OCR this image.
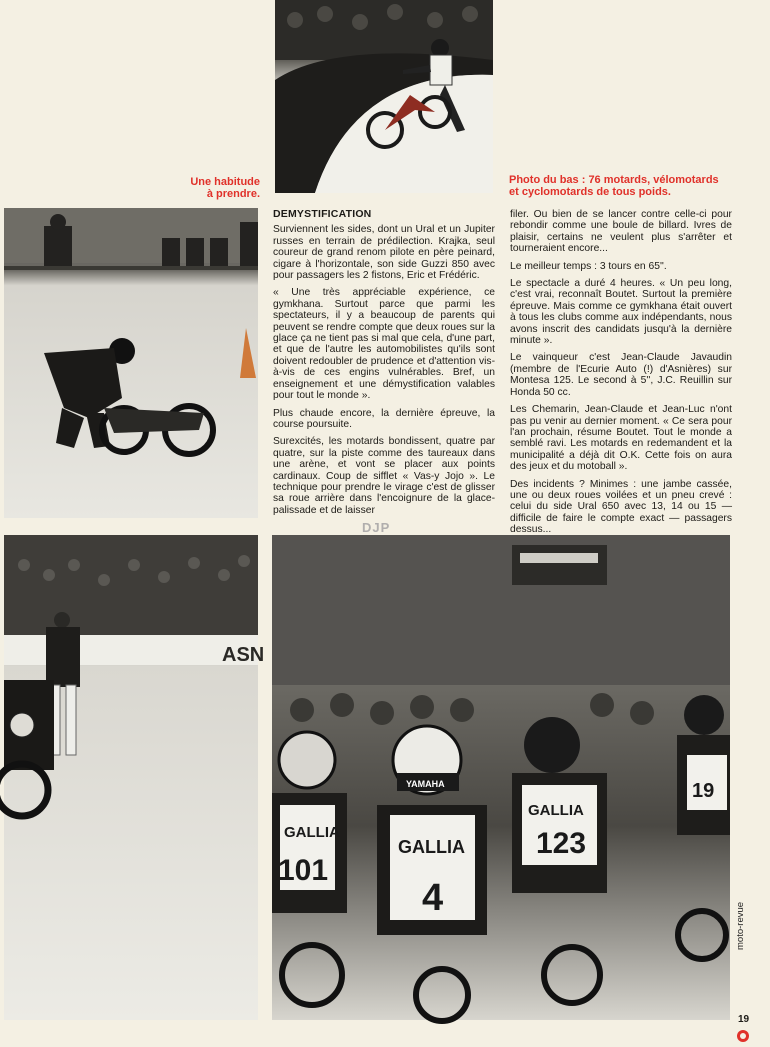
Une habitude
à prendre.
Photo du bas : 76 motards, vélomotards et cyclomotards de tous poids.
DEMYSTIFICATION

Surviennent les sides, dont un Ural et un Jupiter russes en terrain de prédilection. Krajka, seul coureur de grand renom pilote en père peinard, cigare à l'horizontale, son side Guzzi 850 avec pour passagers les 2 fistons, Eric et Frédéric.

« Une très appréciable expérience, ce gymkhana. Surtout parce que parmi les spectateurs, il y a beaucoup de parents qui peuvent se rendre compte que deux roues sur la glace ça ne tient pas si mal que cela, d'une part, et que de l'autre les automobilistes qu'ils sont doivent redoubler de prudence et d'attention vis-à-vis de ces engins vulnérables. Bref, un enseignement et une démystification valables pour tout le monde ».

Plus chaude encore, la dernière épreuve, la course poursuite.

Surexcités, les motards bondissent, quatre par quatre, sur la piste comme des taureaux dans une arène, et vont se placer aux points cardinaux. Coup de sifflet « Vas-y Jojo ». Le technique pour prendre le virage c'est de glisser sa roue arrière dans l'encoignure de la glace-palissade et de laisser

filer. Ou bien de se lancer contre celle-ci pour rebondir comme une boule de billard. Ivres de plaisir, certains ne veulent plus s'arrêter et tourneraient encore...

Le meilleur temps : 3 tours en 65''.

Le spectacle a duré 4 heures. « Un peu long, c'est vrai, reconnaît Boutet. Surtout la première épreuve. Mais comme ce gymkhana était ouvert à tous les clubs comme aux indépendants, nous avons inscrit des candidats jusqu'à la dernière minute ».

Le vainqueur c'est Jean-Claude Javaudin (membre de l'Ecurie Auto (!) d'Asnières) sur Montesa 125. Le second à 5'', J.C. Reuillin sur Honda 50 cc.

Les Chemarin, Jean-Claude et Jean-Luc n'ont pas pu venir au dernier moment. « Ce sera pour l'an prochain, résume Boutet. Tout le monde a semblé ravi. Les motards en redemandent et la municipalité a déjà dit O.K. Cette fois on aura des jeux et du motoball ».

Des incidents ? Minimes : une jambe cassée, une ou deux roues voilées et un pneu crevé : celui du side Ural 650 avec 13, 14 ou 15 — difficile de faire le compte exact — passagers dessus...

DJP
ASN
GALLIA
101
YAMAHA
GALLIA
4
GALLIA
123
19
moto-revue
19
